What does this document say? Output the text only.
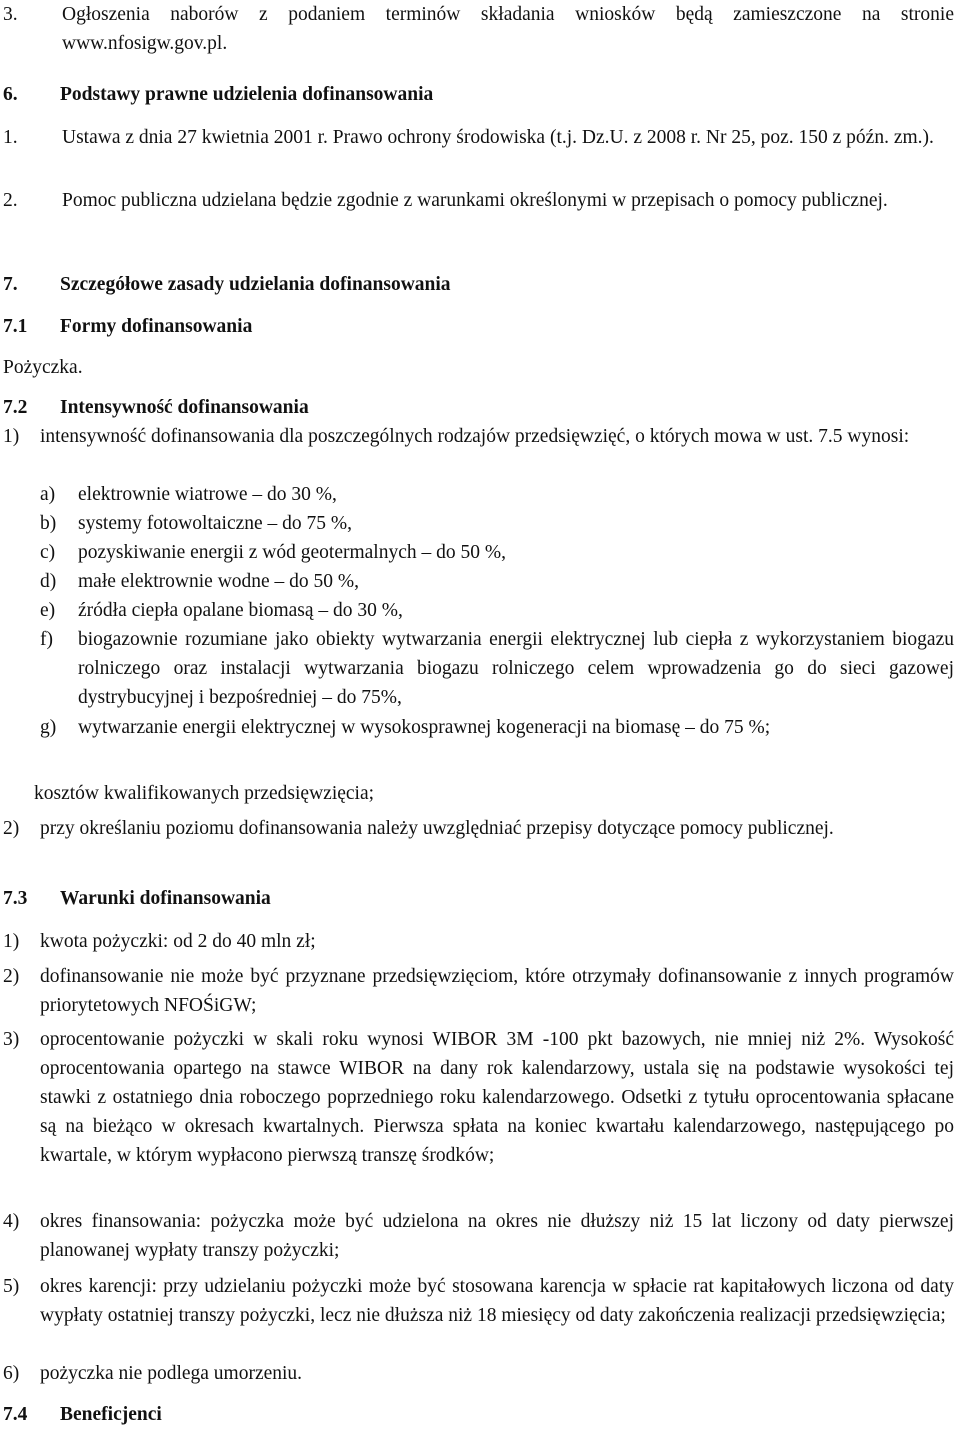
3. Ogłoszenia naborów z podaniem terminów składania wniosków będą zamieszczone na stronie www.nfosigw.gov.pl.
6. Podstawy prawne udzielenia dofinansowania
1. Ustawa z dnia 27 kwietnia 2001 r. Prawo ochrony środowiska (t.j. Dz.U. z 2008 r. Nr 25, poz. 150 z późn. zm.).
2. Pomoc publiczna udzielana będzie zgodnie z warunkami określonymi w przepisach o pomocy publicznej.
7. Szczegółowe zasady udzielania dofinansowania
7.1 Formy dofinansowania
Pożyczka.
7.2 Intensywność dofinansowania
1) intensywność dofinansowania dla poszczególnych rodzajów przedsięwzięć, o których mowa w ust. 7.5 wynosi:
a) elektrownie wiatrowe – do 30 %,
b) systemy fotowoltaiczne – do 75 %,
c) pozyskiwanie energii z wód geotermalnych – do 50 %,
d) małe elektrownie wodne – do 50 %,
e) źródła ciepła opalane biomasą – do 30 %,
f) biogazownie rozumiane jako obiekty wytwarzania energii elektrycznej lub ciepła z wykorzystaniem biogazu rolniczego oraz instalacji wytwarzania biogazu rolniczego celem wprowadzenia go do sieci gazowej dystrybucyjnej i bezpośredniej – do 75%,
g) wytwarzanie energii elektrycznej w wysokosprawnej kogeneracji na biomasę – do 75 %;
kosztów kwalifikowanych przedsięwzięcia;
2) przy określaniu poziomu dofinansowania należy uwzględniać przepisy dotyczące pomocy publicznej.
7.3 Warunki dofinansowania
1) kwota pożyczki: od 2 do 40 mln zł;
2) dofinansowanie nie może być przyznane przedsięwzięciom, które otrzymały dofinansowanie z innych programów priorytetowych NFOŚiGW;
3) oprocentowanie pożyczki w skali roku wynosi WIBOR 3M -100 pkt bazowych, nie mniej niż 2%. Wysokość oprocentowania opartego na stawce WIBOR na dany rok kalendarzowy, ustala się na podstawie wysokości tej stawki z ostatniego dnia roboczego poprzedniego roku kalendarzowego. Odsetki z tytułu oprocentowania spłacane są na bieżąco w okresach kwartalnych. Pierwsza spłata na koniec kwartału kalendarzowego, następującego po kwartale, w którym wypłacono pierwszą transzę środków;
4) okres finansowania: pożyczka może być udzielona na okres nie dłuższy niż 15 lat liczony od daty pierwszej planowanej wypłaty transzy pożyczki;
5) okres karencji: przy udzielaniu pożyczki może być stosowana karencja w spłacie rat kapitałowych liczona od daty wypłaty ostatniej transzy pożyczki, lecz nie dłuższa niż 18 miesięcy od daty zakończenia realizacji przedsięwzięcia;
6) pożyczka nie podlega umorzeniu.
7.4 Beneficjenci
